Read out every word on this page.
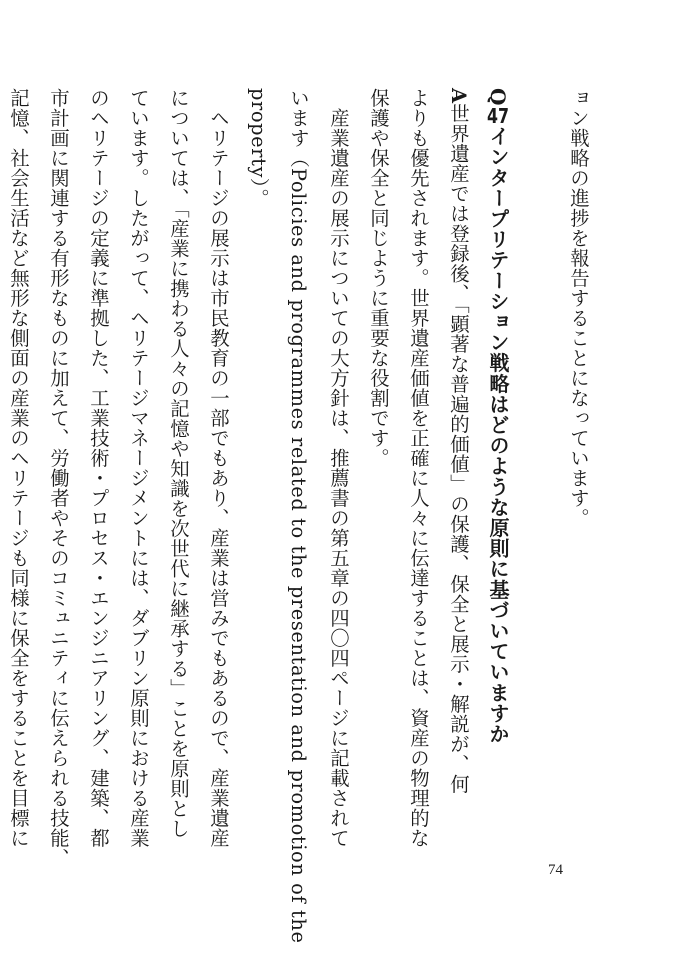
ョン戦略の進捗を報告することになっています。

Q47インタープリテーション戦略はどのような原則に基づいていますか
A世界遺産では登録後、「顕著な普遍的価値」の保護、保全と展示・解説が、何
よりも優先されます。世界遺産価値を正確に人々に伝達することは、資産の物理的な
保護や保全と同じように重要な役割です。
　産業遺産の展示についての大方針は、推薦書の第五章の四〇四ページに記載されて
います（Policies and programmes related to the presentation and promotion of the
property）。
　ヘリテージの展示は市民教育の一部でもあり、産業は営みでもあるので、産業遺産
については、「産業に携わる人々の記憶や知識を次世代に継承する」ことを原則とし
ています。したがって、ヘリテージマネージメントには、ダブリン原則における産業
のヘリテージの定義に準拠した、工業技術・プロセス・エンジニアリング、建築、都
市計画に関連する有形なものに加えて、労働者やそのコミュニティに伝えられる技能、
記憶、社会生活など無形な側面の産業のヘリテージも同様に保全をすることを目標に
74
